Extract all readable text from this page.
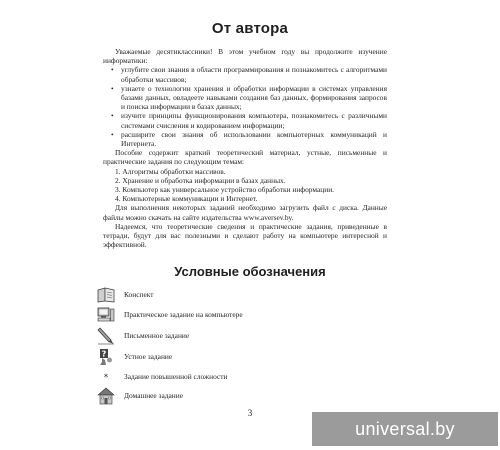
От автора

Уважаемые десятиклассники! В этом учебном году вы продолжите изучение информатики:

• углубите свои знания в области программирования и познакомитесь с алгоритмами обработки массивов;
• узнаете о технологии хранения и обработки информации в системах управления базами данных, овладеете навыками создания баз данных, формирования запросов и поиска информации в базах данных;
• изучите принципы функционирования компьютера, познакомитесь с различными системами счисления и кодированием информации;
• расширите свои знания об использовании компьютерных коммуникаций и Интернета.

Пособие содержит краткий теоретический материал, устные, письменные и практические задания по следующим темам:

1. Алгоритмы обработки массивов.
2. Хранение и обработка информации в базах данных.
3. Компьютер как универсальное устройство обработки информации.
4. Компьютерные коммуникации и Интернет.

Для выполнения некоторых заданий необходимо загрузить файл с диска. Данные файлы можно скачать на сайте издательства www.aversev.by.

Надеемся, что теоретические сведения и практические задания, приведенные в тетради, будут для вас полезными и сделают работу на компьютере интересной и эффективной.

Условные обозначения
Конспект
Практическое задание на компьютере
Письменное задание
? Устное задание
* Задание повышенной сложности
Домашнее задание
3
universal.by
